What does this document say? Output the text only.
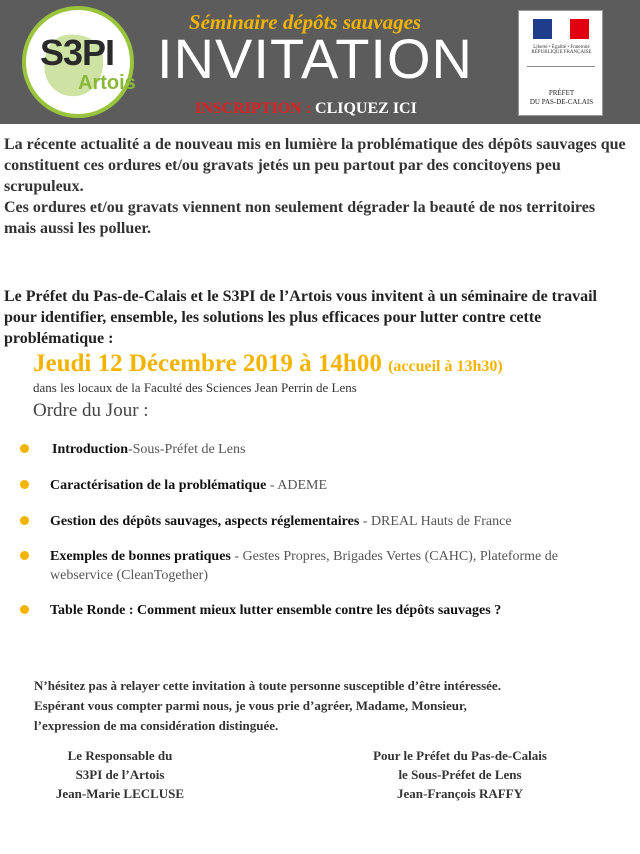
S3PI
Artois
Séminaire dépôts sauvages
INVITATION
INSCRIPTION : CLIQUEZ ICI
Liberté • Égalité • Fraternité
RÉPUBLIQUE FRANÇAISE
PRÉFET
DU PAS-DE-CALAIS
La récente actualité a de nouveau mis en lumière la problématique des dépôts sauvages que constituent ces ordures et/ou gravats jetés un peu partout par des concitoyens peu scrupuleux.
Ces ordures et/ou gravats viennent non seulement dégrader la beauté de nos territoires mais aussi les polluer.
Le Préfet du Pas-de-Calais et le S3PI de l’Artois vous invitent à un séminaire de travail pour identifier, ensemble, les solutions les plus efficaces pour lutter contre cette problématique :
Jeudi 12 Décembre 2019 à 14h00 (accueil à 13h30)
dans les locaux de la Faculté des Sciences Jean Perrin de Lens
Ordre du Jour :
Introduction-Sous-Préfet de Lens
Caractérisation de la problématique - ADEME
Gestion des dépôts sauvages, aspects réglementaires - DREAL Hauts de France
Exemples de bonnes pratiques - Gestes Propres, Brigades Vertes (CAHC), Plateforme de webservice (CleanTogether)
Table Ronde : Comment mieux lutter ensemble contre les dépôts sauvages ?
N’hésitez pas à relayer cette invitation à toute personne susceptible d’être intéressée.
Espérant vous compter parmi nous, je vous prie d’agréer, Madame, Monsieur,
l’expression de ma considération distinguée.
Le Responsable du
S3PI de l’Artois
Jean-Marie LECLUSE
Pour le Préfet du Pas-de-Calais
le Sous-Préfet de Lens
Jean-François RAFFY
